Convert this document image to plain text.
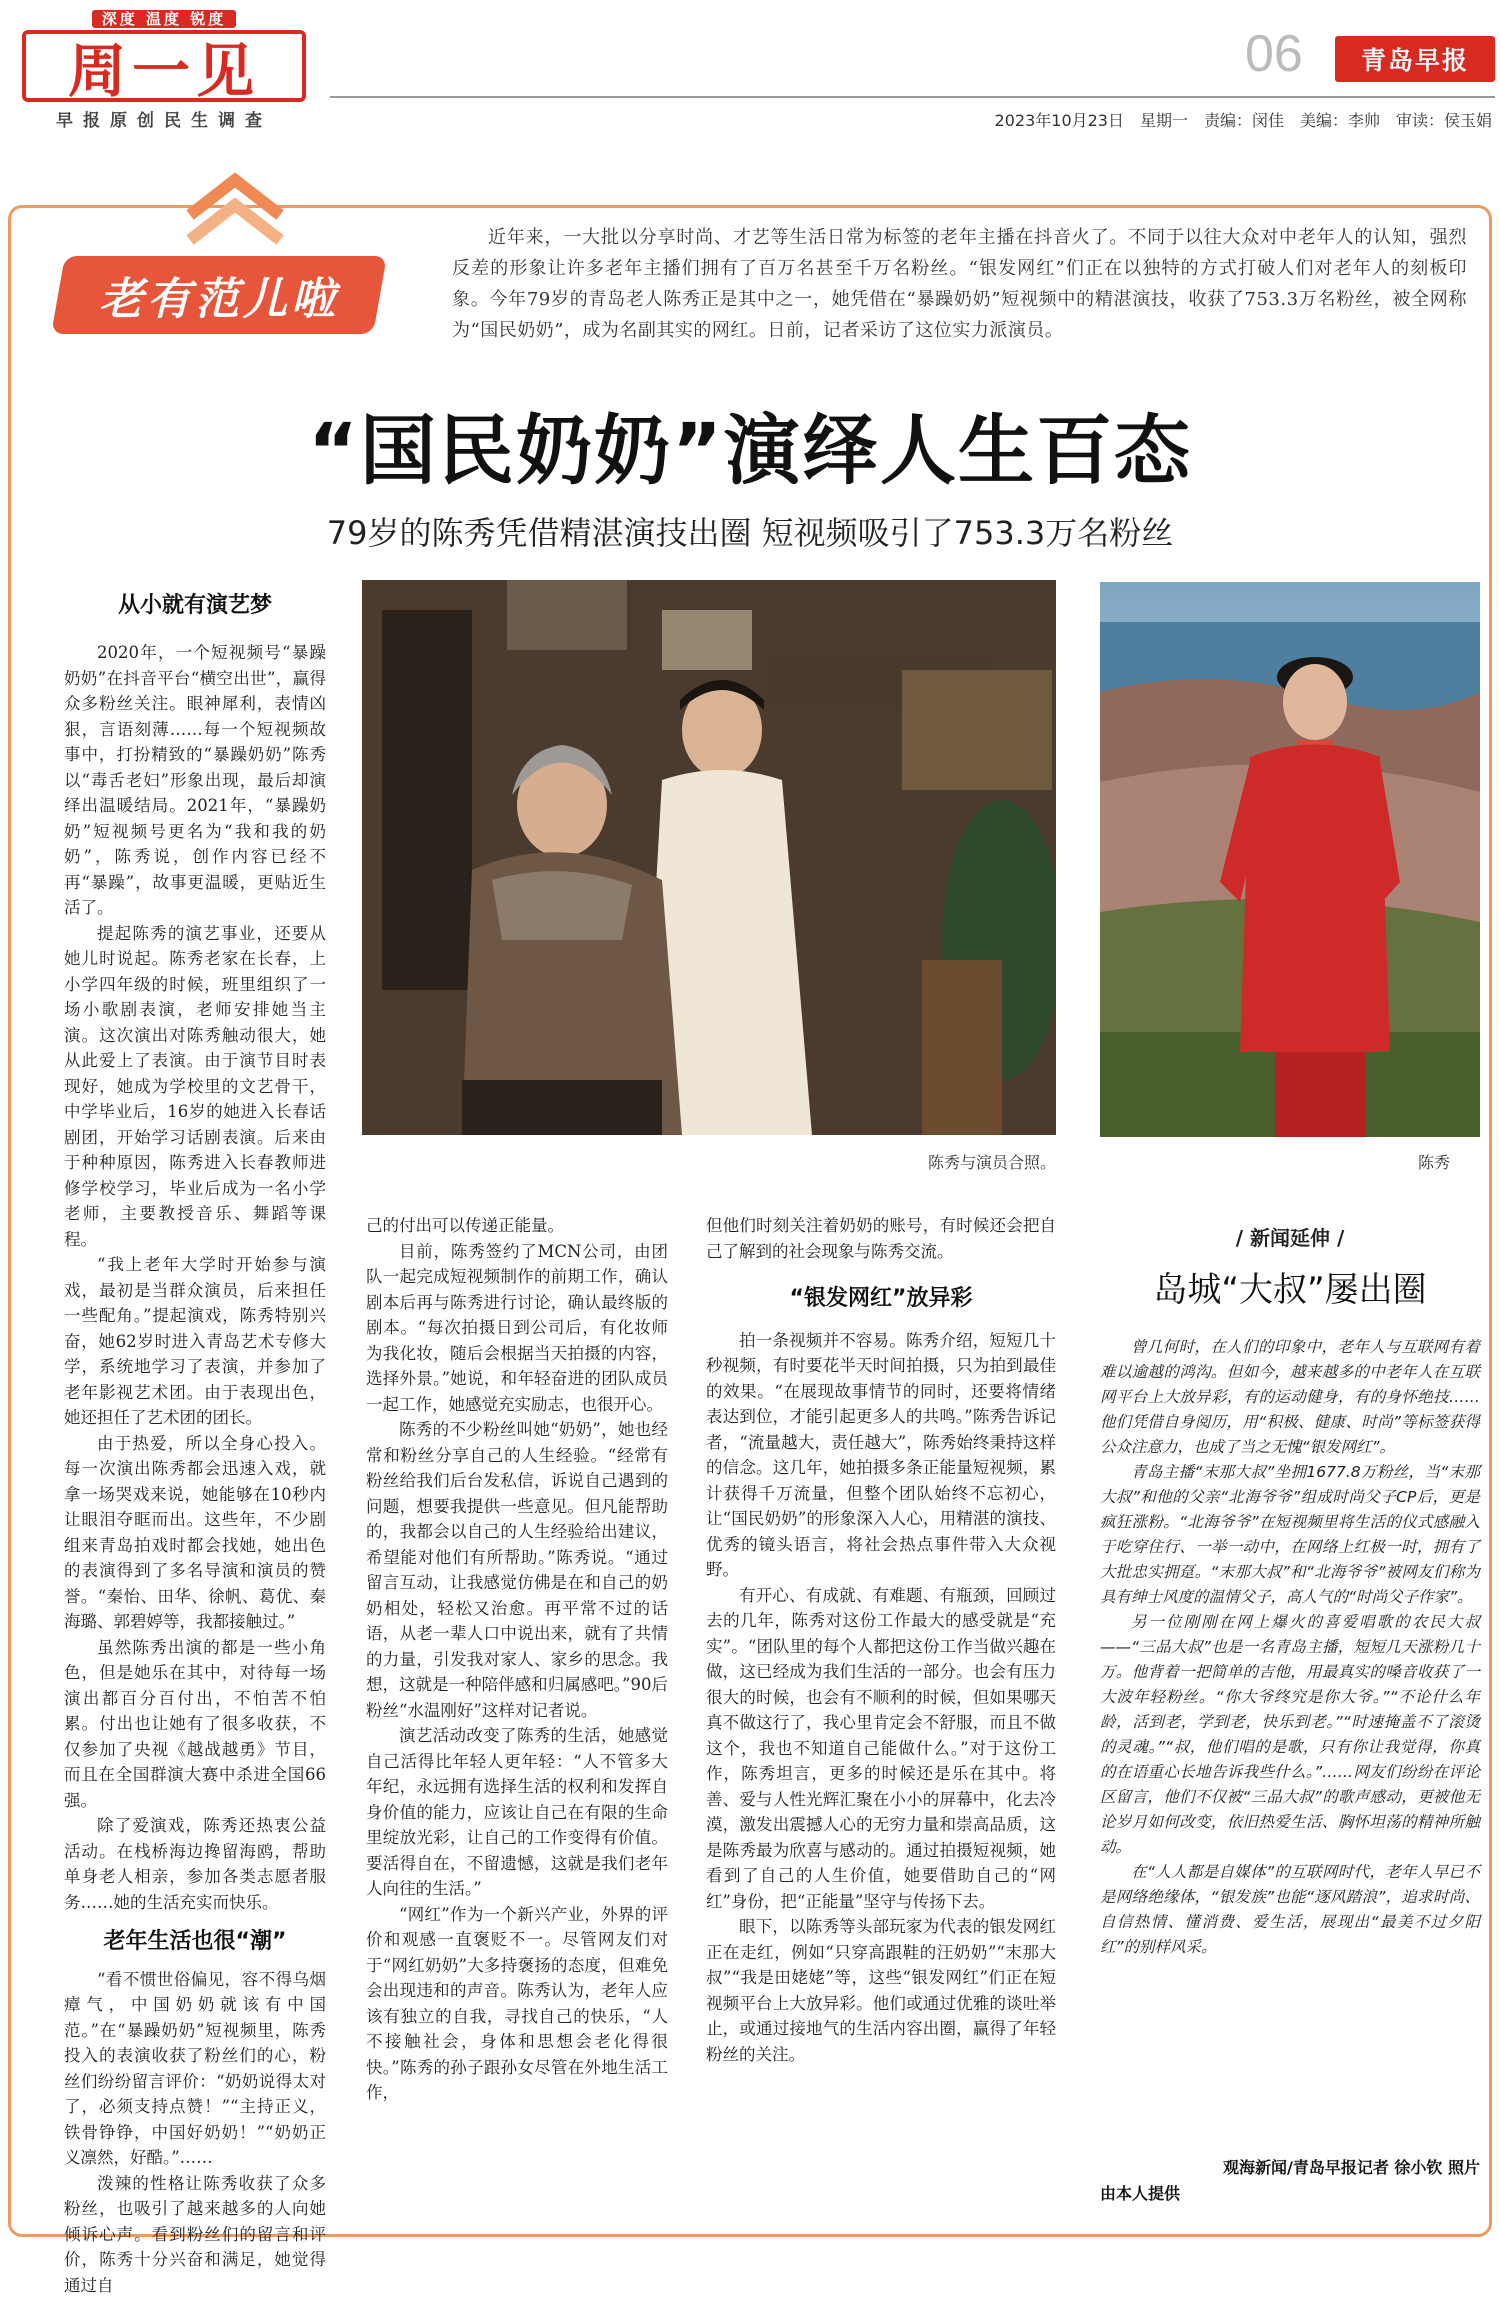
深度 温度 锐度
周一见
早报原创民生调查
06	青岛早报
2023年10月23日　星期一　责编：闵佳　美编：李帅　审读：侯玉娟
老有范儿啦
近年来，一大批以分享时尚、才艺等生活日常为标签的老年主播在抖音火了。不同于以往大众对中老年人的认知，强烈反差的形象让许多老年主播们拥有了百万名甚至千万名粉丝。“银发网红”们正在以独特的方式打破人们对老年人的刻板印象。今年79岁的青岛老人陈秀正是其中之一，她凭借在“暴躁奶奶”短视频中的精湛演技，收获了753.3万名粉丝，被全网称为“国民奶奶”，成为名副其实的网红。日前，记者采访了这位实力派演员。
“国民奶奶”演绎人生百态
79岁的陈秀凭借精湛演技出圈 短视频吸引了753.3万名粉丝
陈秀与演员合照。	陈秀
从小就有演艺梦

2020年，一个短视频号“暴躁奶奶”在抖音平台“横空出世”，赢得众多粉丝关注。眼神犀利，表情凶狠，言语刻薄……每一个短视频故事中，打扮精致的“暴躁奶奶”陈秀以“毒舌老妇”形象出现，最后却演绎出温暖结局。2021年，“暴躁奶奶”短视频号更名为“我和我的奶奶”，陈秀说，创作内容已经不再“暴躁”，故事更温暖，更贴近生活了。

提起陈秀的演艺事业，还要从她儿时说起。陈秀老家在长春，上小学四年级的时候，班里组织了一场小歌剧表演，老师安排她当主演。这次演出对陈秀触动很大，她从此爱上了表演。由于演节目时表现好，她成为学校里的文艺骨干，中学毕业后，16岁的她进入长春话剧团，开始学习话剧表演。后来由于种种原因，陈秀进入长春教师进修学校学习，毕业后成为一名小学老师，主要教授音乐、舞蹈等课程。

“我上老年大学时开始参与演戏，最初是当群众演员，后来担任一些配角。”提起演戏，陈秀特别兴奋，她62岁时进入青岛艺术专修大学，系统地学习了表演，并参加了老年影视艺术团。由于表现出色，她还担任了艺术团的团长。

由于热爱，所以全身心投入。每一次演出陈秀都会迅速入戏，就拿一场哭戏来说，她能够在10秒内让眼泪夺眶而出。这些年，不少剧组来青岛拍戏时都会找她，她出色的表演得到了多名导演和演员的赞誉。“秦怡、田华、徐帆、葛优、秦海璐、郭碧婷等，我都接触过。”

虽然陈秀出演的都是一些小角色，但是她乐在其中，对待每一场演出都百分百付出，不怕苦不怕累。付出也让她有了很多收获，不仅参加了央视《越战越勇》节目，而且在全国群演大赛中杀进全国66强。

除了爱演戏，陈秀还热衷公益活动。在栈桥海边搀留海鸥，帮助单身老人相亲，参加各类志愿者服务……她的生活充实而快乐。

老年生活也很“潮”

“看不惯世俗偏见，容不得乌烟瘴气，中国奶奶就该有中国范。”在“暴躁奶奶”短视频里，陈秀投入的表演收获了粉丝们的心，粉丝们纷纷留言评价：“奶奶说得太对了，必须支持点赞！”“主持正义，铁骨铮铮，中国好奶奶！”“奶奶正义凛然，好酷。”……

泼辣的性格让陈秀收获了众多粉丝，也吸引了越来越多的人向她倾诉心声。看到粉丝们的留言和评价，陈秀十分兴奋和满足，她觉得通过自

己的付出可以传递正能量。

目前，陈秀签约了MCN公司，由团队一起完成短视频制作的前期工作，确认剧本后再与陈秀进行讨论，确认最终版的剧本。“每次拍摄日到公司后，有化妆师为我化妆，随后会根据当天拍摄的内容，选择外景。”她说，和年轻奋进的团队成员一起工作，她感觉充实励志，也很开心。

陈秀的不少粉丝叫她“奶奶”，她也经常和粉丝分享自己的人生经验。“经常有粉丝给我们后台发私信，诉说自己遇到的问题，想要我提供一些意见。但凡能帮助的，我都会以自己的人生经验给出建议，希望能对他们有所帮助。”陈秀说。“通过留言互动，让我感觉仿佛是在和自己的奶奶相处，轻松又治愈。再平常不过的话语，从老一辈人口中说出来，就有了共情的力量，引发我对家人、家乡的思念。我想，这就是一种陪伴感和归属感吧。”90后粉丝“水温刚好”这样对记者说。

演艺活动改变了陈秀的生活，她感觉自己活得比年轻人更年轻：“人不管多大年纪，永远拥有选择生活的权利和发挥自身价值的能力，应该让自己在有限的生命里绽放光彩，让自己的工作变得有价值。要活得自在，不留遗憾，这就是我们老年人向往的生活。”

“网红”作为一个新兴产业，外界的评价和观感一直褒贬不一。尽管网友们对于“网红奶奶”大多持褒扬的态度，但难免会出现违和的声音。陈秀认为，老年人应该有独立的自我，寻找自己的快乐，“人不接触社会，身体和思想会老化得很快。”陈秀的孙子跟孙女尽管在外地生活工作，

但他们时刻关注着奶奶的账号，有时候还会把自己了解到的社会现象与陈秀交流。

“银发网红”放异彩

拍一条视频并不容易。陈秀介绍，短短几十秒视频，有时要花半天时间拍摄，只为拍到最佳的效果。“在展现故事情节的同时，还要将情绪表达到位，才能引起更多人的共鸣。”陈秀告诉记者，“流量越大，责任越大”，陈秀始终秉持这样的信念。这几年，她拍摄多条正能量短视频，累计获得千万流量，但整个团队始终不忘初心，让“国民奶奶”的形象深入人心，用精湛的演技、优秀的镜头语言，将社会热点事件带入大众视野。

有开心、有成就、有难题、有瓶颈，回顾过去的几年，陈秀对这份工作最大的感受就是“充实”。“团队里的每个人都把这份工作当做兴趣在做，这已经成为我们生活的一部分。也会有压力很大的时候，也会有不顺利的时候，但如果哪天真不做这行了，我心里肯定会不舒服，而且不做这个，我也不知道自己能做什么。”对于这份工作，陈秀坦言，更多的时候还是乐在其中。将善、爱与人性光辉汇聚在小小的屏幕中，化去冷漠，激发出震撼人心的无穷力量和崇高品质，这是陈秀最为欣喜与感动的。通过拍摄短视频，她看到了自己的人生价值，她要借助自己的“网红”身份，把“正能量”坚守与传扬下去。

眼下，以陈秀等头部玩家为代表的银发网红正在走红，例如“只穿高跟鞋的汪奶奶”“末那大叔”“我是田姥姥”等，这些“银发网红”们正在短视频平台上大放异彩。他们或通过优雅的谈吐举止，或通过接地气的生活内容出圈，赢得了年轻粉丝的关注。

/ 新闻延伸 /
岛城“大叔”屡出圈

曾几何时，在人们的印象中，老年人与互联网有着难以逾越的鸿沟。但如今，越来越多的中老年人在互联网平台上大放异彩，有的运动健身，有的身怀绝技……他们凭借自身阅历，用“积极、健康、时尚”等标签获得公众注意力，也成了当之无愧“银发网红”。

青岛主播“末那大叔”坐拥1677.8万粉丝，当“末那大叔”和他的父亲“北海爷爷”组成时尚父子CP后，更是疯狂涨粉。“北海爷爷”在短视频里将生活的仪式感融入于吃穿住行、一举一动中，在网络上红极一时，拥有了大批忠实拥趸。“末那大叔”和“北海爷爷”被网友们称为具有绅士风度的温情父子，高人气的“时尚父子作家”。

另一位刚刚在网上爆火的喜爱唱歌的农民大叔——“三品大叔”也是一名青岛主播，短短几天涨粉几十万。他背着一把简单的吉他，用最真实的嗓音收获了一大波年轻粉丝。“你大爷终究是你大爷。”“不论什么年龄，活到老，学到老，快乐到老。”“时速掩盖不了滚烫的灵魂。”“叔，他们唱的是歌，只有你让我觉得，你真的在语重心长地告诉我些什么。”……网友们纷纷在评论区留言，他们不仅被“三品大叔”的歌声感动，更被他无论岁月如何改变，依旧热爱生活、胸怀坦荡的精神所触动。

在“人人都是自媒体”的互联网时代，老年人早已不是网络绝缘体，“银发族”也能“逐风踏浪”，追求时尚、自信热情、懂消费、爱生活，展现出“最美不过夕阳红”的别样风采。

观海新闻/青岛早报记者 徐小钦 照片
由本人提供
